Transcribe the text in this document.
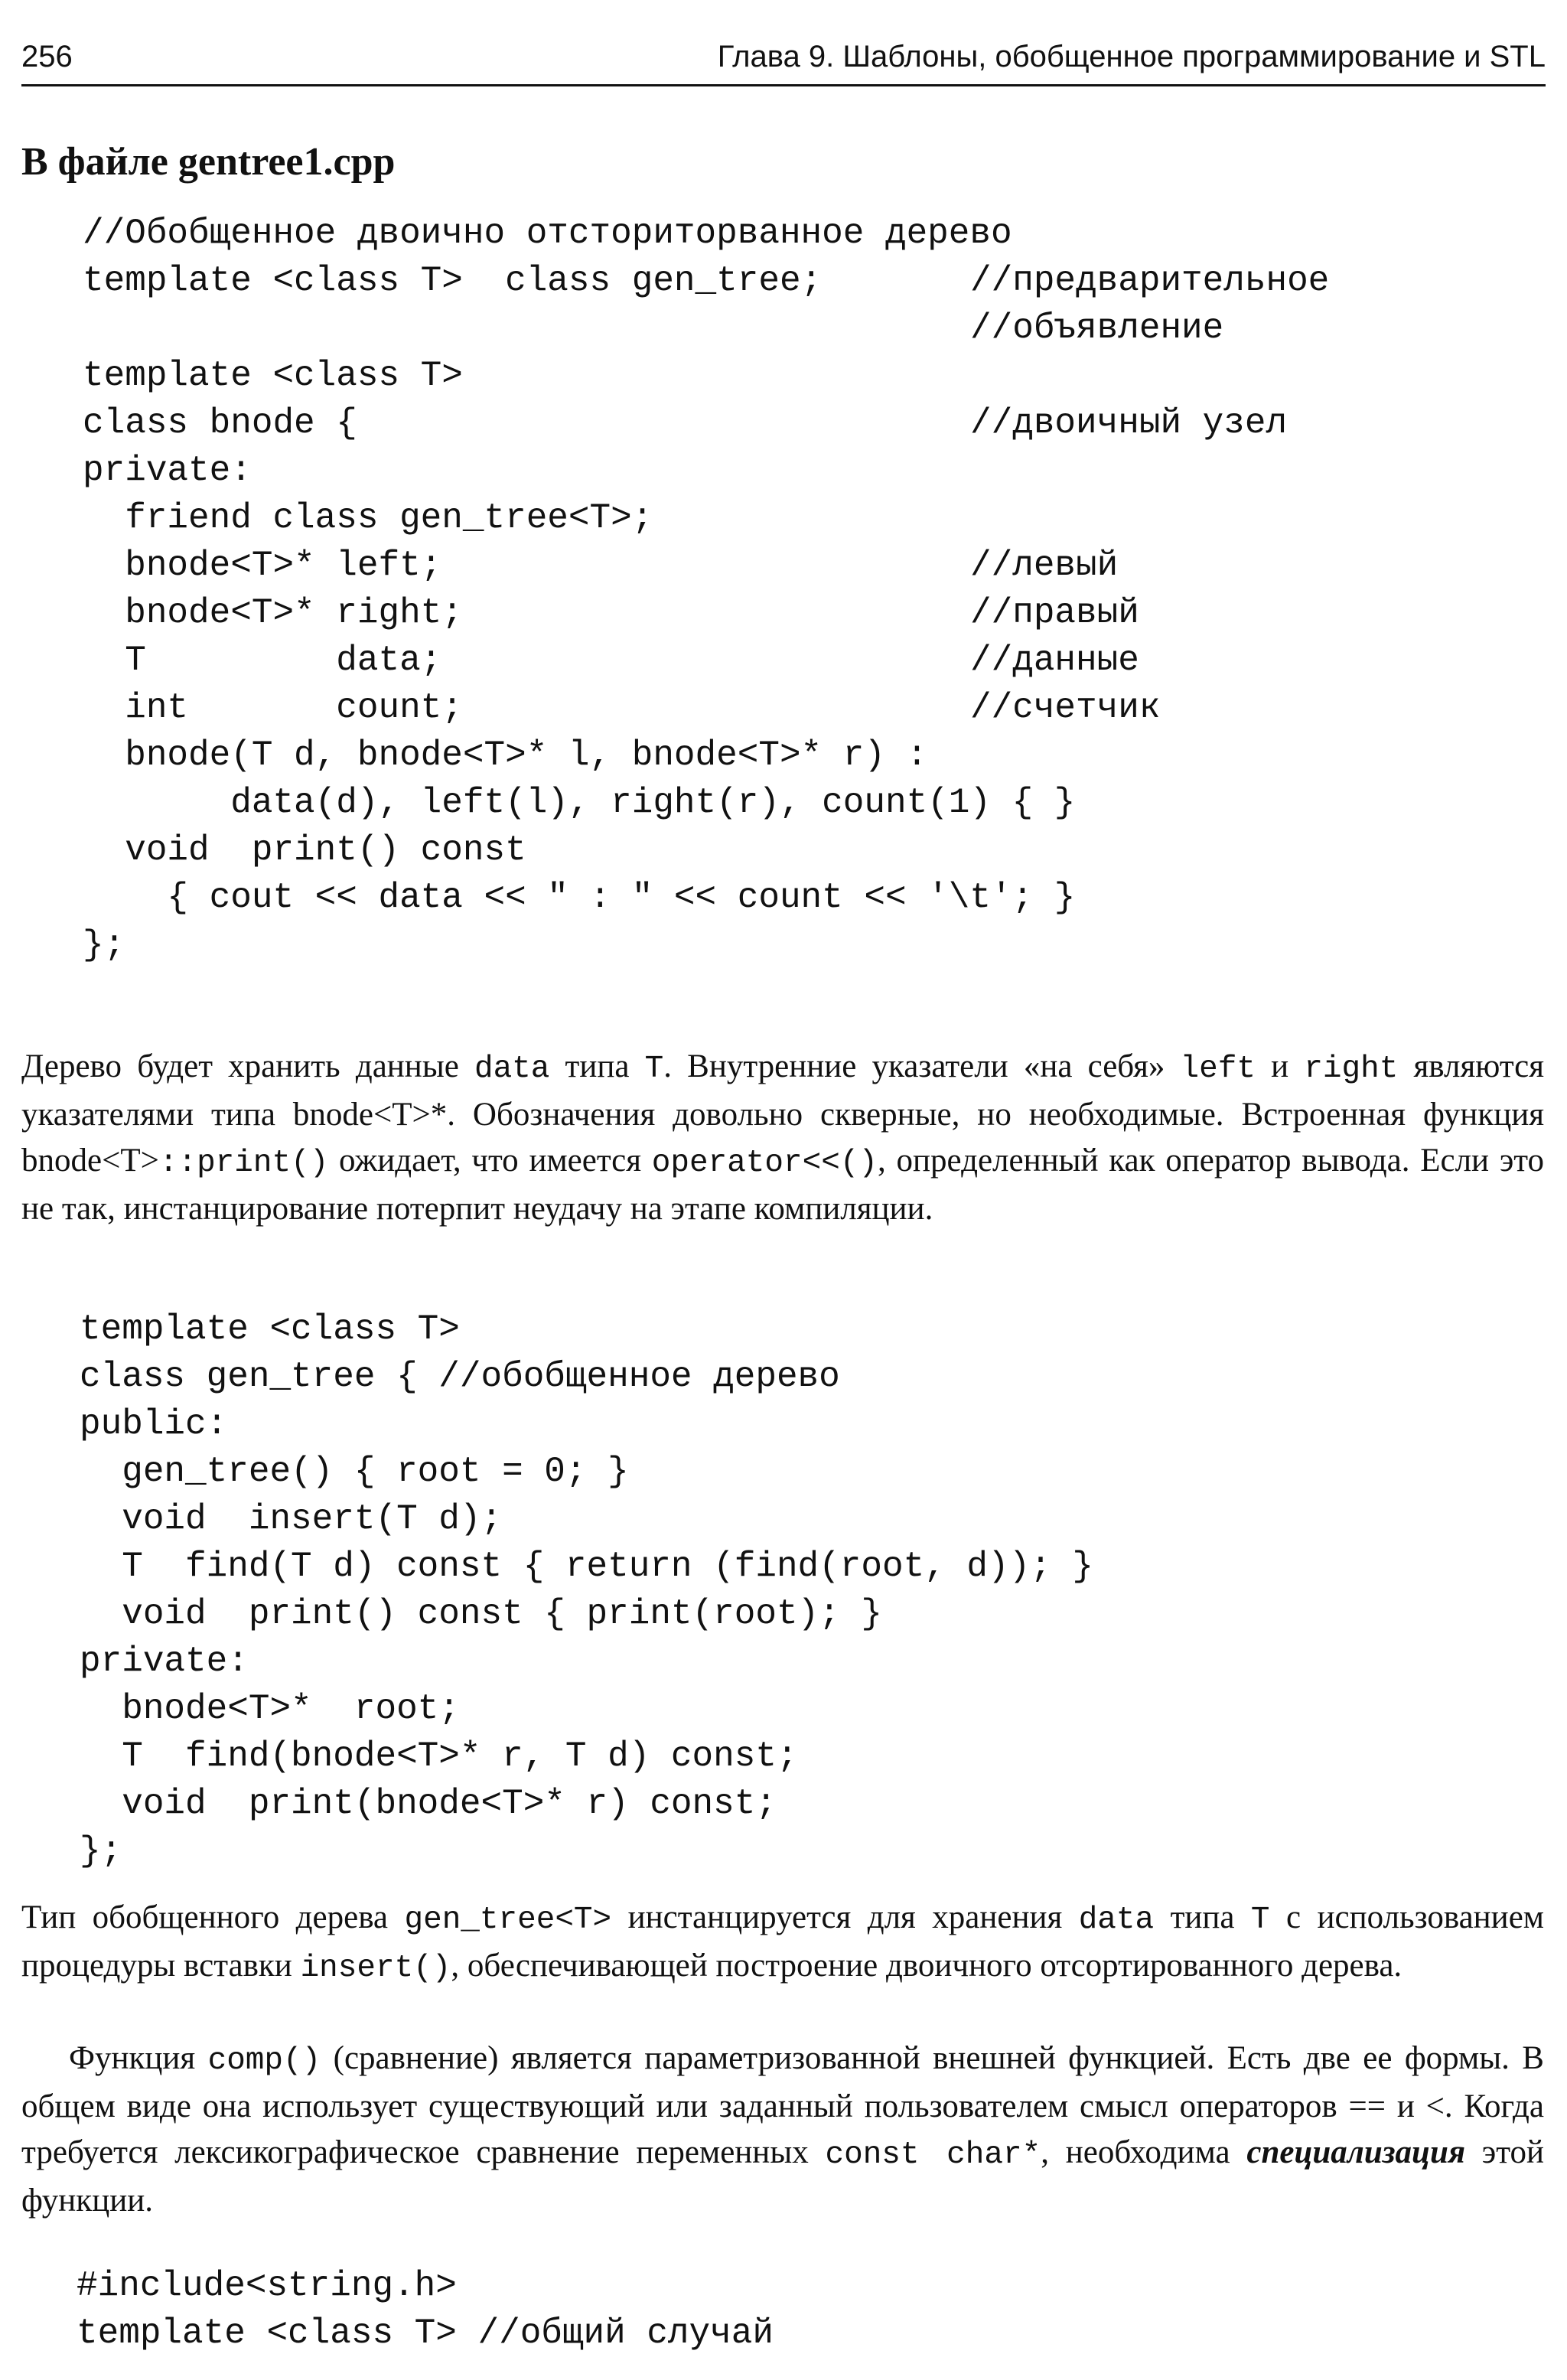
256	Глава 9. Шаблоны, обобщенное программирование и STL
В файле gentree1.cpp
//Обобщенное двоично отсториторванное дерево
template <class T>  class gen_tree;	//предварительное
//объявление
template <class T>
class bnode {	//двоичный узел
private:
friend class gen_tree<T>;
bnode<T>* left;	//левый
bnode<T>* right;	//правый
T         data;	//данные
int       count;	//счетчик
bnode(T d, bnode<T>* l, bnode<T>* r) :
data(d), left(l), right(r), count(1) { }
void  print() const
{ cout << data << " : " << count << '\t'; }
};

Дерево будет хранить данные data типа T. Внутренние указатели «на себя» left и right являются указателями типа bnode<T>*. Обозначения довольно скверные, но необходимые. Встроенная функция bnode<T>::print() ожидает, что имеется operator<<(), определенный как оператор вывода. Если это не так, инстанцирование потерпит неудачу на этапе компиляции.

template <class T>
class gen_tree { //обобщенное дерево
public:
gen_tree() { root = 0; }
void  insert(T d);
T  find(T d) const { return (find(root, d)); }
void  print() const { print(root); }
private:
bnode<T>*  root;
T  find(bnode<T>* r, T d) const;
void  print(bnode<T>* r) const;
};

Тип обобщенного дерева gen_tree<T> инстанцируется для хранения data типа T с использованием процедуры вставки insert(), обеспечивающей построение двоичного отсортированного дерева.

Функция comp() (сравнение) является параметризованной внешней функцией. Есть две ее формы. В общем виде она использует существующий или заданный пользователем смысл операторов == и <. Когда требуется лексикографическое сравнение переменных const char*, необходима специализация этой функции.

#include<string.h>
template <class T> //общий случай
